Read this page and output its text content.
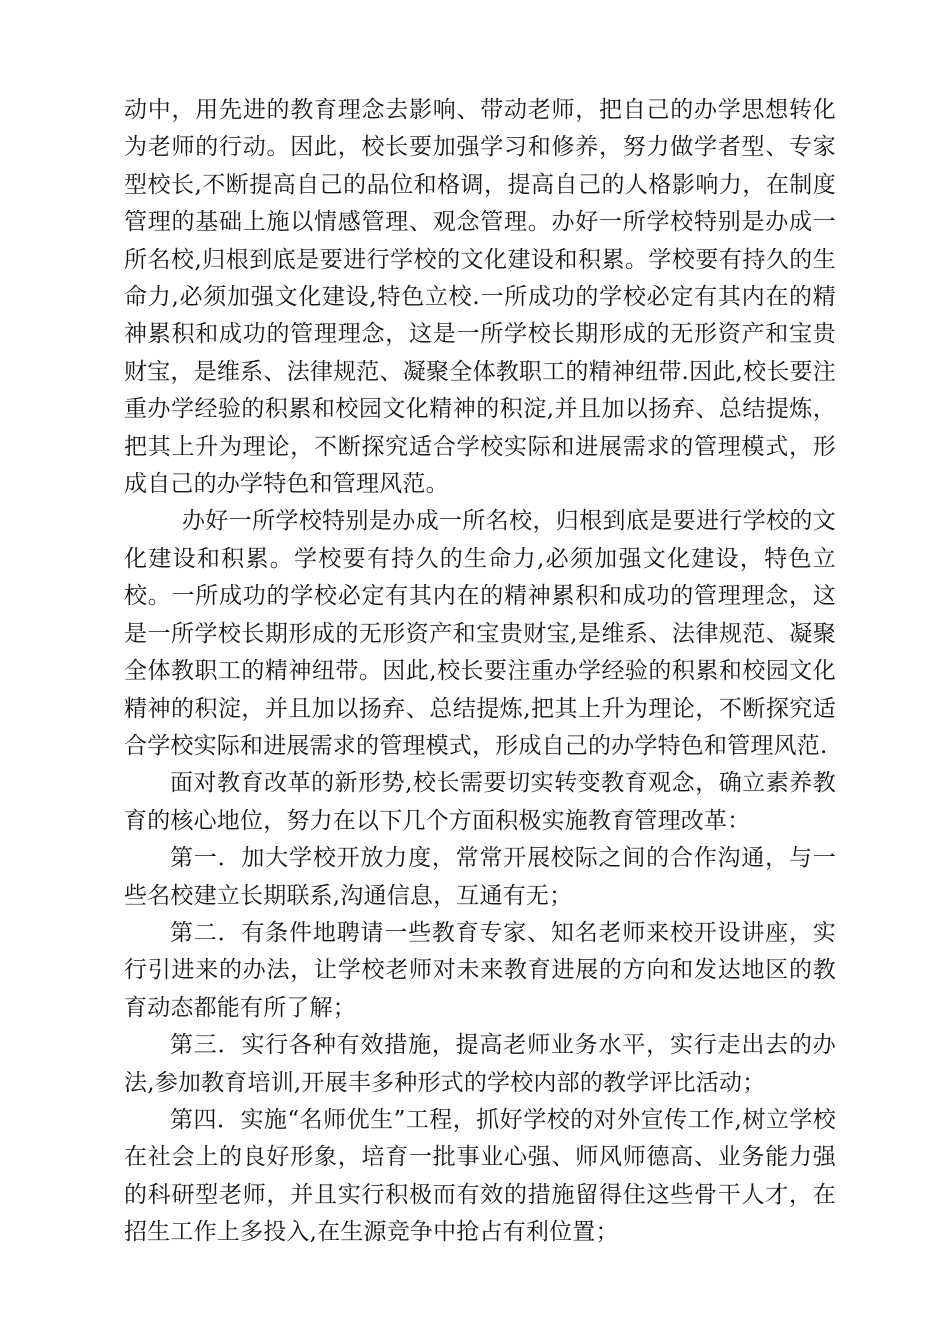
动中，用先进的教育理念去影响、带动老师，把自己的办学思想转化为老师的行动。因此，校长要加强学习和修养，努力做学者型、专家型校长,不断提高自己的品位和格调，提高自己的人格影响力，在制度管理的基础上施以情感管理、观念管理。办好一所学校特别是办成一所名校,归根到底是要进行学校的文化建设和积累。学校要有持久的生命力,必须加强文化建设,特色立校.一所成功的学校必定有其内在的精神累积和成功的管理理念，这是一所学校长期形成的无形资产和宝贵财宝，是维系、法律规范、凝聚全体教职工的精神纽带.因此,校长要注重办学经验的积累和校园文化精神的积淀,并且加以扬弃、总结提炼，把其上升为理论，不断探究适合学校实际和进展需求的管理模式，形成自己的办学特色和管理风范。

办好一所学校特别是办成一所名校，归根到底是要进行学校的文化建设和积累。学校要有持久的生命力,必须加强文化建设，特色立校。一所成功的学校必定有其内在的精神累积和成功的管理理念，这是一所学校长期形成的无形资产和宝贵财宝,是维系、法律规范、凝聚全体教职工的精神纽带。因此,校长要注重办学经验的积累和校园文化精神的积淀，并且加以扬弃、总结提炼,把其上升为理论，不断探究适合学校实际和进展需求的管理模式，形成自己的办学特色和管理风范.

面对教育改革的新形势,校长需要切实转变教育观念，确立素养教育的核心地位，努力在以下几个方面积极实施教育管理改革：

第一．加大学校开放力度，常常开展校际之间的合作沟通，与一些名校建立长期联系,沟通信息，互通有无；

第二．有条件地聘请一些教育专家、知名老师来校开设讲座，实行引进来的办法，让学校老师对未来教育进展的方向和发达地区的教育动态都能有所了解；

第三．实行各种有效措施，提高老师业务水平，实行走出去的办法,参加教育培训,开展丰多种形式的学校内部的教学评比活动；

第四．实施“名师优生”工程，抓好学校的对外宣传工作,树立学校在社会上的良好形象，培育一批事业心强、师风师德高、业务能力强的科研型老师，并且实行积极而有效的措施留得住这些骨干人才，在招生工作上多投入,在生源竞争中抢占有利位置；
